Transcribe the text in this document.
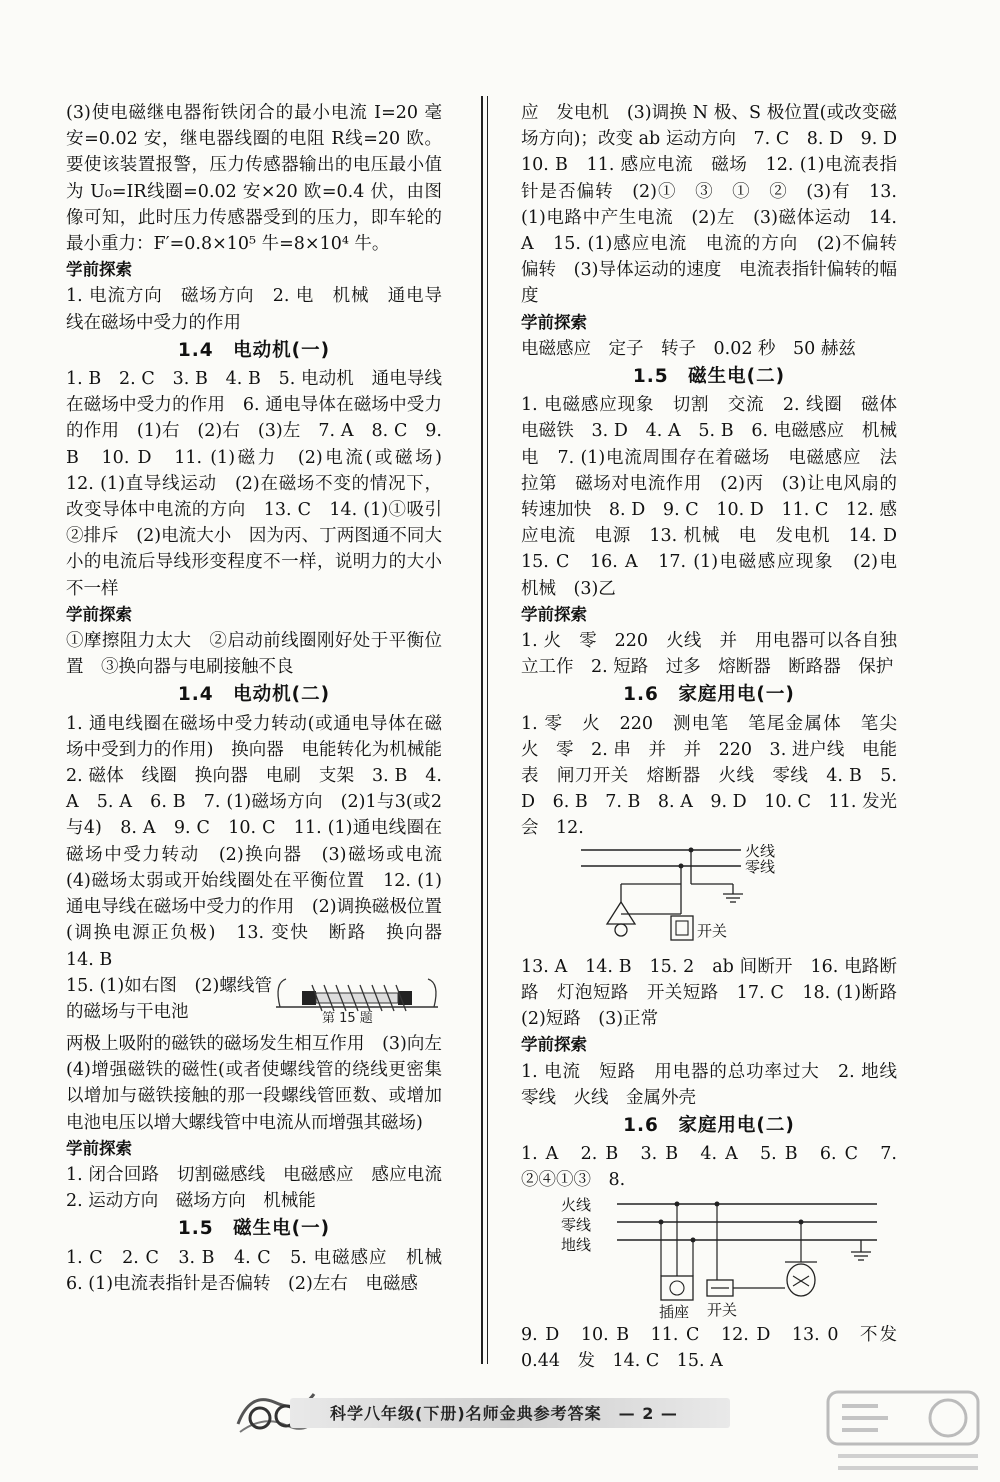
(3)使电磁继电器衔铁闭合的最小电流 I=20 毫安=0.02 安，继电器线圈的电阻 R线=20 欧。要使该装置报警，压力传感器输出的电压最小值为 U₀=IR线圈=0.02 安×20 欧=0.4 伏，由图像可知，此时压力传感器受到的压力，即车轮的最小重力：F′=0.8×10⁵ 牛=8×10⁴ 牛。

学前探索

1. 电流方向　磁场方向　2. 电　机械　通电导线在磁场中受力的作用

1.4　电动机(一)

1. B　2. C　3. B　4. B　5. 电动机　通电导线在磁场中受力的作用　6. 通电导体在磁场中受力的作用　(1)右　(2)右　(3)左　7. A　8. C　9. B　10. D　11. (1)磁力　(2)电流(或磁场)　12. (1)直导线运动　(2)在磁场不变的情况下，改变导体中电流的方向　13. C　14. (1)①吸引 ②排斥　(2)电流大小　因为丙、丁两图通不同大小的电流后导线形变程度不一样，说明力的大小不一样

学前探索

①摩擦阻力太大　②启动前线圈刚好处于平衡位置　③换向器与电刷接触不良

1.4　电动机(二)

1. 通电线圈在磁场中受力转动(或通电导体在磁场中受到力的作用)　换向器　电能转化为机械能　2. 磁体　线圈　换向器　电刷　支架　3. B　4. A　5. A　6. B　7. (1)磁场方向　(2)1与3(或2与4)　8. A　9. C　10. C　11. (1)通电线圈在磁场中受力转动　(2)换向器　(3)磁场或电流　(4)磁场太弱或开始线圈处在平衡位置　12. (1)通电导线在磁场中受力的作用　(2)调换磁极位置(调换电源正负极)　13. 变快　断路　换向器　14. B

15. (1)如右图　(2)螺线管的磁场与干电池	第 15 题

两极上吸附的磁铁的磁场发生相互作用　(3)向左　(4)增强磁铁的磁性(或者使螺线管的绕线更密集以增加与磁铁接触的那一段螺线管匝数、或增加电池电压以增大螺线管中电流从而增强其磁场)

学前探索

1. 闭合回路　切割磁感线　电磁感应　感应电流　2. 运动方向　磁场方向　机械能

1.5　磁生电(一)

1. C　2. C　3. B　4. C　5. 电磁感应　机械　6. (1)电流表指针是否偏转　(2)左右　电磁感

应　发电机　(3)调换 N 极、S 极位置(或改变磁场方向)；改变 ab 运动方向　7. C　8. D　9. D　10. B　11. 感应电流　磁场　12. (1)电流表指针是否偏转　(2)①　③　①　②　(3)有　13. (1)电路中产生电流　(2)左　(3)磁体运动　14. A　15. (1)感应电流　电流的方向　(2)不偏转　偏转　(3)导体运动的速度　电流表指针偏转的幅度

学前探索

电磁感应　定子　转子　0.02 秒　50 赫兹

1.5　磁生电(二)

1. 电磁感应现象　切割　交流　2. 线圈　磁体　电磁铁　3. D　4. A　5. B　6. 电磁感应　机械　电　7. (1)电流周围存在着磁场　电磁感应　法拉第　磁场对电流作用　(2)丙　(3)让电风扇的转速加快　8. D　9. C　10. D　11. C　12. 感应电流　电源　13. 机械　电　发电机　14. D　15. C　16. A　17. (1)电磁感应现象　(2)电　机械　(3)乙

学前探索

1. 火　零　220　火线　并　用电器可以各自独立工作　2. 短路　过多　熔断器　断路器　保护

1.6　家庭用电(一)

1. 零　火　220　测电笔　笔尾金属体　笔尖　火　零　2. 串　并　并　220　3. 进户线　电能表　闸刀开关　熔断器　火线　零线　4. B　5. D　6. B　7. B　8. A　9. D　10. C　11. 发光　会　12.

火线
零线
开关

13. A　14. B　15. 2　ab 间断开　16. 电路断路　灯泡短路　开关短路　17. C　18. (1)断路　(2)短路　(3)正常

学前探索

1. 电流　短路　用电器的总功率过大　2. 地线　零线　火线　金属外壳

1.6　家庭用电(二)

1. A　2. B　3. B　4. A　5. B　6. C　7. ②④①③　8.

火线
零线
地线
插座 开关

9. D　10. B　11. C　12. D　13. 0　不发　0.44　发　14. C　15. A

科学八年级(下册)名师金典参考答案　— 2 —
